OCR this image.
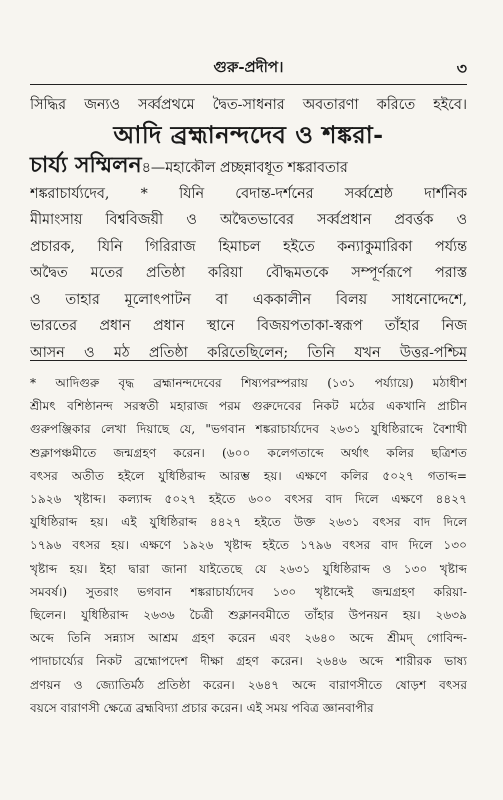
গুরু-প্রদীপ।	৩
সিদ্ধির জন্যও সর্ব্বপ্রথমে দ্বৈত-সাধনার অবতারণা করিতে হইবে।
আদি ব্রহ্মানন্দদেব ও শঙ্করা-
চার্য্য সম্মিলন ৪—মহাকৌল প্রচ্ছন্নাবধূত শঙ্করাবতার
শঙ্করাচার্য্যদেব, * যিনি বেদান্ত-দর্শনের সর্ব্বশ্রেষ্ঠ দার্শনিক
মীমাংসায় বিশ্ববিজয়ী ও অদ্বৈতভাবের সর্ব্বপ্রধান প্রবর্ত্তক ও
প্রচারক, যিনি গিরিরাজ হিমাচল হইতে কন্যাকুমারিকা পর্য্যন্ত
অদ্বৈত মতের প্রতিষ্ঠা করিয়া বৌদ্ধমতকে সম্পূর্ণরূপে পরাস্ত
ও তাহার মূলোৎপাটন বা এককালীন বিলয় সাধনোদ্দেশে,
ভারতের প্রধান প্রধান স্থানে বিজয়পতাকা-স্বরূপ তাঁহার নিজ
আসন ও মঠ প্রতিষ্ঠা করিতেছিলেন; তিনি যখন উত্তর-পশ্চিম
* আদিগুরু বৃদ্ধ ব্রহ্মানন্দদেবের শিষ্যপরম্পরায় (১৩১ পর্য্যায়ে) মঠাধীশ
শ্রীমৎ বশিষ্ঠানন্দ সরস্বতী মহারাজ পরম গুরুদেবের নিকট মঠের একখানি প্রাচীন
গুরুপঞ্জিকার লেখা দিয়াছে যে, "ভগবান শঙ্করাচার্য্যদেব ২৬৩১ যুধিষ্ঠিরাব্দে বৈশাখী
শুক্লাপঞ্চমীতে জন্মগ্রহণ করেন। (৬০০ কলেগতাব্দে অর্থাৎ কলির ছত্রিশত
বৎসর অতীত হইলে যুধিষ্ঠিরাব্দ আরম্ভ হয়। এক্ষণে কলির ৫০২৭ গতাব্দ=
১৯২৬ খৃষ্টাব্দ। কল্যাব্দ ৫০২৭ হইতে ৬০০ বৎসর বাদ দিলে এক্ষণে ৪৪২৭
যুধিষ্ঠিরাব্দ হয়। এই যুধিষ্ঠিরাব্দ ৪৪২৭ হইতে উক্ত ২৬৩১ বৎসর বাদ দিলে
১৭৯৬ বৎসর হয়। এক্ষণে ১৯২৬ খৃষ্টাব্দ হইতে ১৭৯৬ বৎসর বাদ দিলে ১৩০
খৃষ্টাব্দ হয়। ইহা দ্বারা জানা যাইতেছে যে ২৬৩১ যুধিষ্ঠিরাব্দ ও ১৩০ খৃষ্টাব্দ
সমবর্ষ।) সুতরাং ভগবান শঙ্করাচার্য্যদেব ১৩০ খৃষ্টাব্দেই জন্মগ্রহণ করিয়া-
ছিলেন। যুধিষ্ঠিরাব্দ ২৬৩৬ চৈত্রী শুক্লানবমীতে তাঁহার উপনয়ন হয়। ২৬৩৯
অব্দে তিনি সন্ন্যাস আশ্রম গ্রহণ করেন এবং ২৬৪০ অব্দে শ্রীমদ্ গোবিন্দ-
পাদাচার্য্যের নিকট ব্রহ্মোপদেশ দীক্ষা গ্রহণ করেন। ২৬৪৬ অব্দে শারীরক ভাষ্য
প্রণয়ন ও জ্যোতির্মঠ প্রতিষ্ঠা করেন। ২৬৪৭ অব্দে বারাণসীতে ষোড়শ বৎসর
বয়সে বারাণসী ক্ষেত্রে ব্রহ্মবিদ্যা প্রচার করেন। এই সময় পবিত্র জ্ঞানবাপীর
